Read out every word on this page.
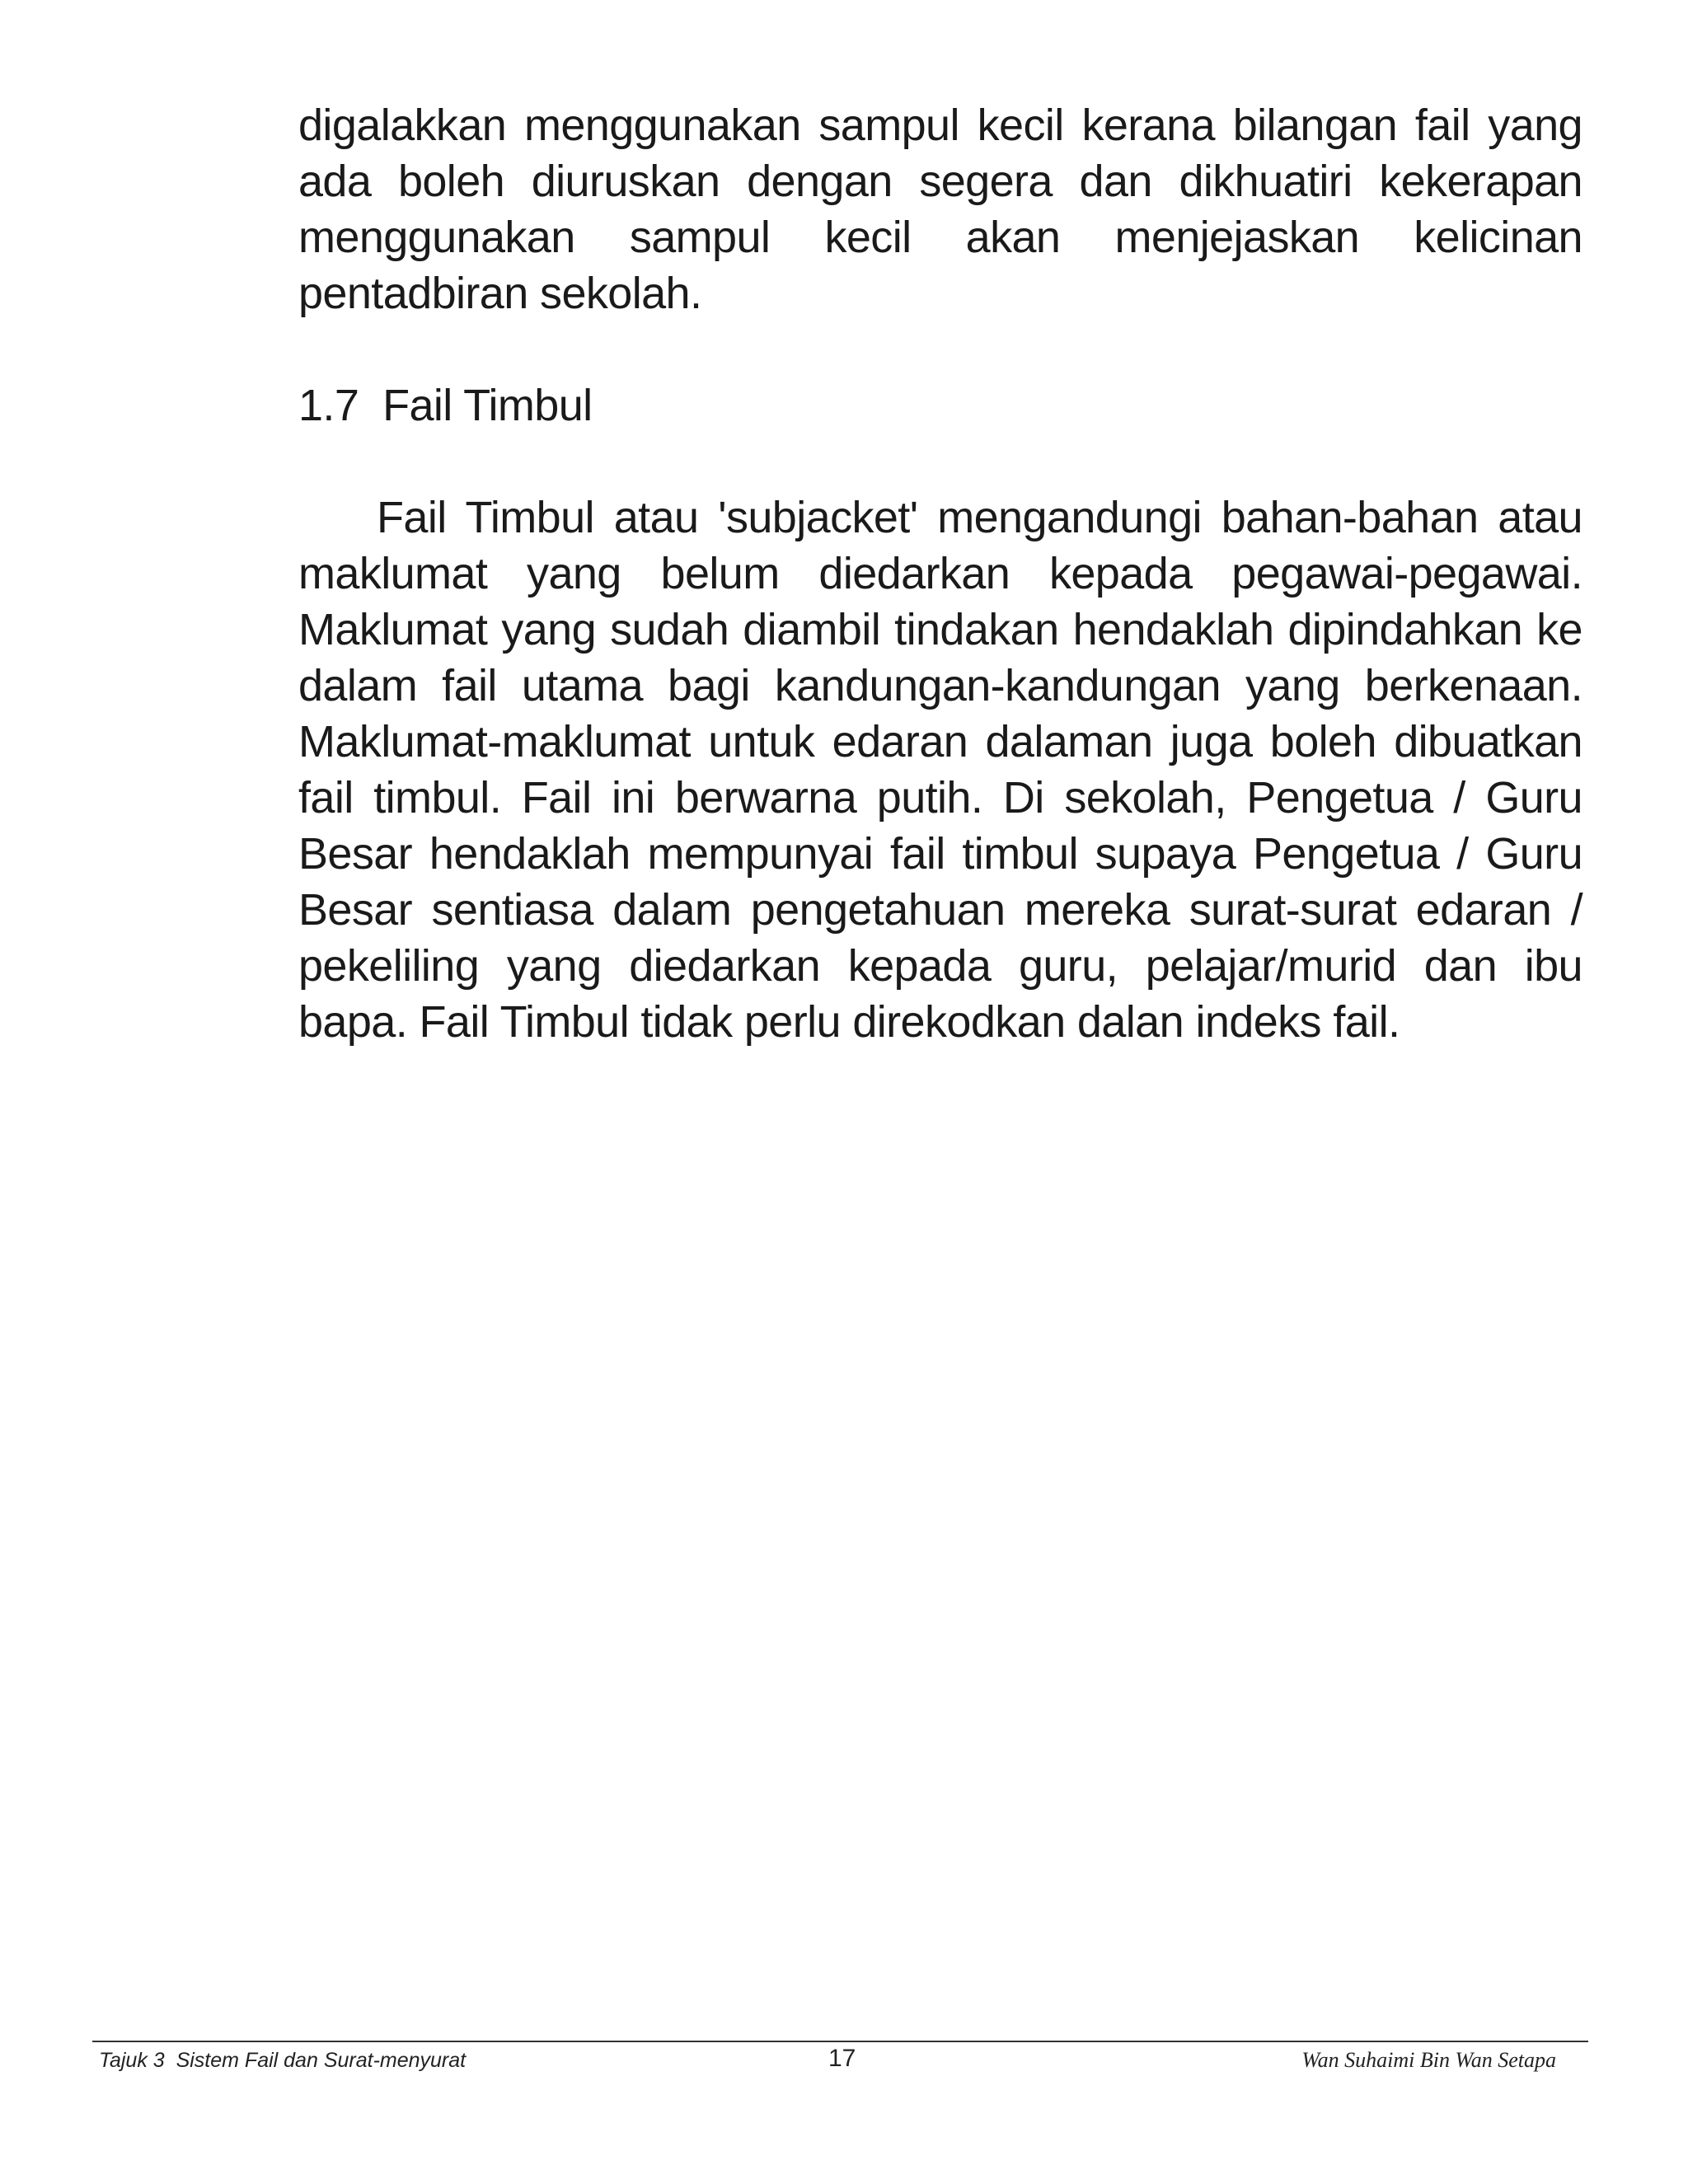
digalakkan menggunakan sampul kecil kerana bilangan fail yang ada boleh diuruskan dengan segera dan dikhuatiri kekerapan menggunakan sampul kecil akan menjejaskan kelicinan pentadbiran sekolah.

1.7  Fail Timbul

Fail Timbul atau 'subjacket' mengandungi bahan-bahan atau maklumat yang belum diedarkan kepada pegawai-pegawai. Maklumat yang sudah diambil tindakan hendaklah dipindahkan ke dalam fail utama bagi kandungan-kandungan yang berkenaan. Maklumat-maklumat untuk edaran dalaman juga boleh dibuatkan fail timbul. Fail ini berwarna putih. Di sekolah, Pengetua / Guru Besar hendaklah mempunyai fail timbul supaya Pengetua / Guru Besar sentiasa dalam pengetahuan mereka surat-surat edaran / pekeliling yang diedarkan kepada guru, pelajar/murid dan ibu bapa. Fail Timbul tidak perlu direkodkan dalan indeks fail.

Tajuk 3  Sistem Fail dan Surat-menyurat	17	Wan Suhaimi Bin Wan Setapa
